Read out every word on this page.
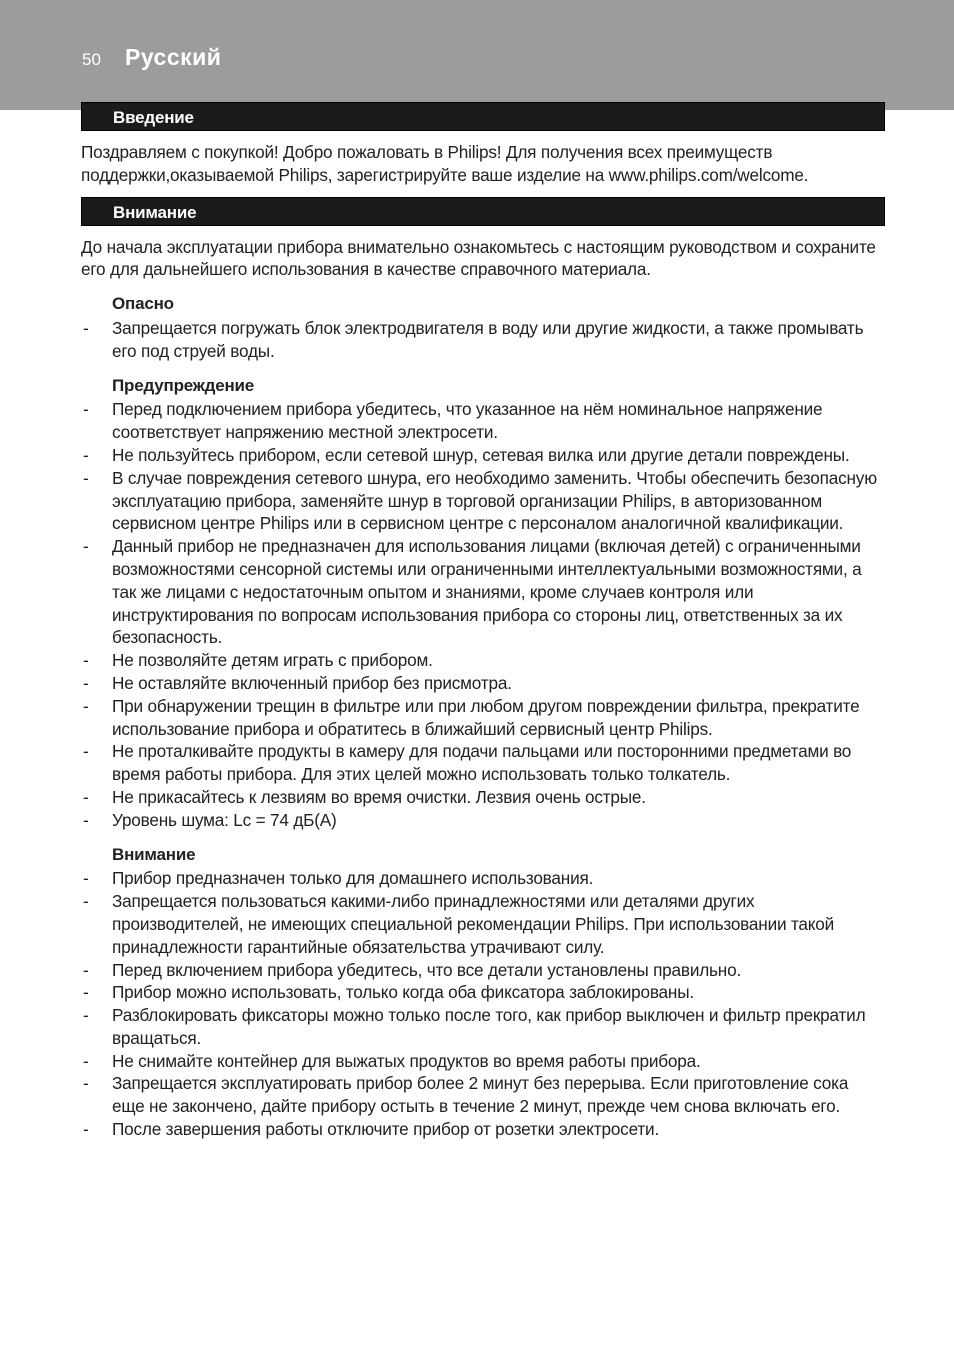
50 Русский
Введение

Поздравляем с покупкой! Добро пожаловать в Philips! Для получения всех преимуществ поддержки,оказываемой Philips, зарегистрируйте ваше изделие на www.philips.com/welcome.

Внимание

До начала эксплуатации прибора внимательно ознакомьтесь с настоящим руководством и сохраните его для дальнейшего использования в качестве справочного материала.

Опасно
- Запрещается погружать блок электродвигателя в воду или другие жидкости, а также промывать его под струей воды.
Предупреждение
- Перед подключением прибора убедитесь, что указанное на нём номинальное напряжение соответствует напряжению местной электросети.
- Не пользуйтесь прибором, если сетевой шнур, сетевая вилка или другие детали повреждены.
- В случае повреждения сетевого шнура, его необходимо заменить. Чтобы обеспечить безопасную эксплуатацию прибора, заменяйте шнур в торговой организации Philips, в авторизованном сервисном центре Philips или в сервисном центре с персоналом аналогичной квалификации.
- Данный прибор не предназначен для использования лицами (включая детей) с ограниченными возможностями сенсорной системы или ограниченными интеллектуальными возможностями, а так же лицами с недостаточным опытом и знаниями, кроме случаев контроля или инструктирования по вопросам использования прибора со стороны лиц, ответственных за их безопасность.
- Не позволяйте детям играть с прибором.
- Не оставляйте включенный прибор без присмотра.
- При обнаружении трещин в фильтре или при любом другом повреждении фильтра, прекратите использование прибора и обратитесь в ближайший сервисный центр Philips.
- Не проталкивайте продукты в камеру для подачи пальцами или посторонними предметами во время работы прибора. Для этих целей можно использовать только толкатель.
- Не прикасайтесь к лезвиям во время очистки. Лезвия очень острые.
- Уровень шума: Lc = 74 дБ(А)
Внимание
- Прибор предназначен только для домашнего использования.
- Запрещается пользоваться какими-либо принадлежностями или деталями других производителей, не имеющих специальной рекомендации Philips. При использовании такой принадлежности гарантийные обязательства утрачивают силу.
- Перед включением прибора убедитесь, что все детали установлены правильно.
- Прибор можно использовать, только когда оба фиксатора заблокированы.
- Разблокировать фиксаторы можно только после того, как прибор выключен и фильтр прекратил вращаться.
- Не снимайте контейнер для выжатых продуктов во время работы прибора.
- Запрещается эксплуатировать прибор более 2 минут без перерыва. Если приготовление сока еще не закончено, дайте прибору остыть в течение 2 минут, прежде чем снова включать его.
- После завершения работы отключите прибор от розетки электросети.
